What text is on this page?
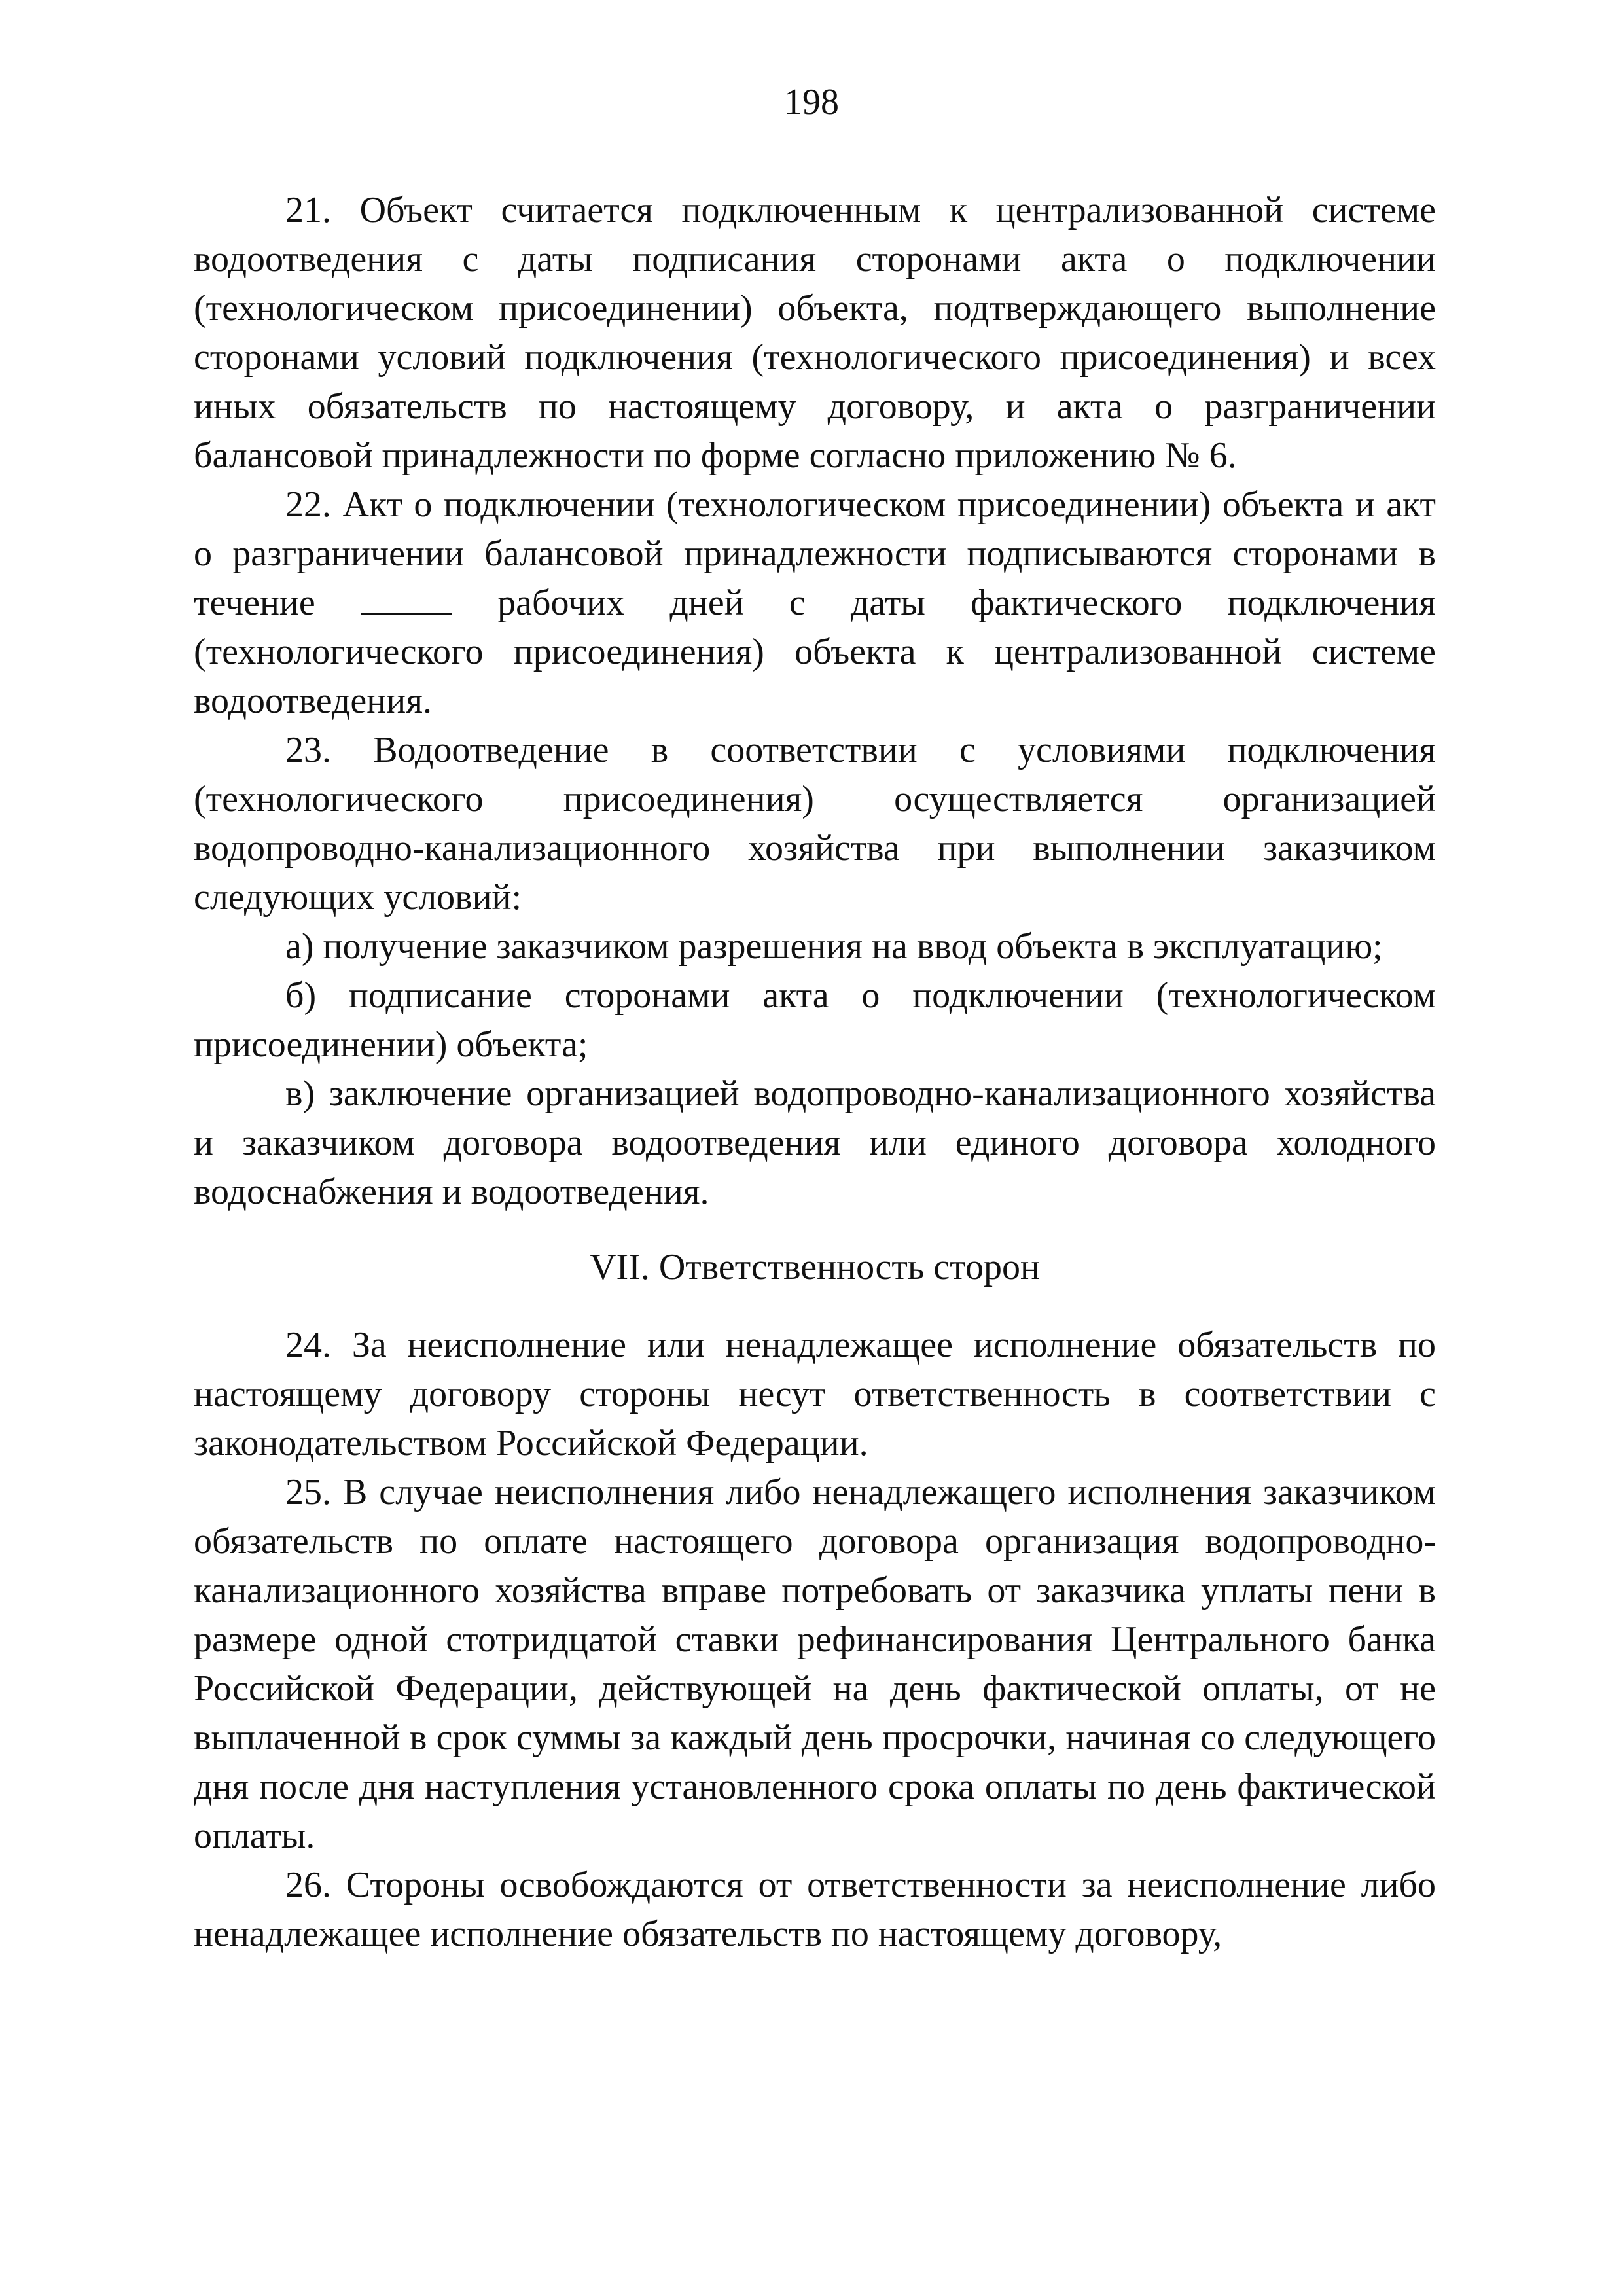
198

21. Объект считается подключенным к централизованной системе водоотведения с даты подписания сторонами акта о подключении (технологическом присоединении) объекта, подтверждающего выполнение сторонами условий подключения (технологического присоединения) и всех иных обязательств по настоящему договору, и акта о разграничении балансовой принадлежности по форме согласно приложению № 6.

22. Акт о подключении (технологическом присоединении) объекта и акт о разграничении балансовой принадлежности подписываются сторонами в течение	рабочих дней с даты фактического подключения (технологического присоединения) объекта к централизованной системе водоотведения.

23. Водоотведение в соответствии с условиями подключения (технологического присоединения) осуществляется организацией водопроводно-канализационного хозяйства при выполнении заказчиком следующих условий:

а) получение заказчиком разрешения на ввод объекта в эксплуатацию;

б) подписание сторонами акта о подключении (технологическом присоединении) объекта;

в) заключение организацией водопроводно-канализационного хозяйства и заказчиком договора водоотведения или единого договора холодного водоснабжения и водоотведения.

VII. Ответственность сторон

24. За неисполнение или ненадлежащее исполнение обязательств по настоящему договору стороны несут ответственность в соответствии с законодательством Российской Федерации.

25. В случае неисполнения либо ненадлежащего исполнения заказчиком обязательств по оплате настоящего договора организация водопроводно-канализационного хозяйства вправе потребовать от заказчика уплаты пени в размере одной стотридцатой ставки рефинансирования Центрального банка Российской Федерации, действующей на день фактической оплаты, от не выплаченной в срок суммы за каждый день просрочки, начиная со следующего дня после дня наступления установленного срока оплаты по день фактической оплаты.

26. Стороны освобождаются от ответственности за неисполнение либо ненадлежащее исполнение обязательств по настоящему договору,
